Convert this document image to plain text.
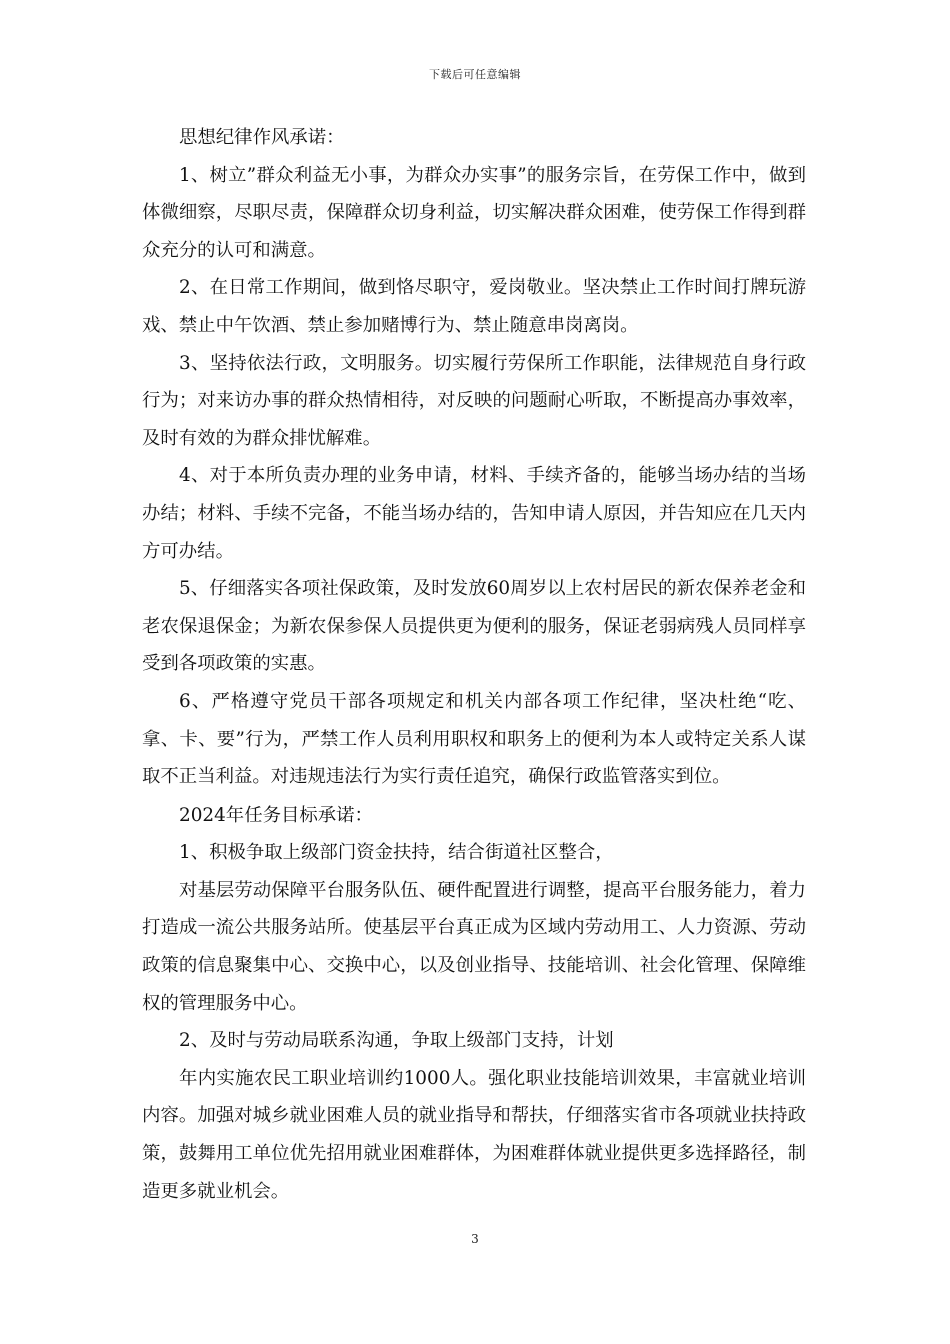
下载后可任意编辑

思想纪律作风承诺：

1、树立”群众利益无小事，为群众办实事”的服务宗旨，在劳保工作中，做到体微细察，尽职尽责，保障群众切身利益，切实解决群众困难，使劳保工作得到群众充分的认可和满意。

2、在日常工作期间，做到恪尽职守，爱岗敬业。坚决禁止工作时间打牌玩游戏、禁止中午饮酒、禁止参加赌博行为、禁止随意串岗离岗。

3、坚持依法行政，文明服务。切实履行劳保所工作职能，法律规范自身行政行为；对来访办事的群众热情相待，对反映的问题耐心听取，不断提高办事效率，及时有效的为群众排忧解难。

4、对于本所负责办理的业务申请，材料、手续齐备的，能够当场办结的当场办结；材料、手续不完备，不能当场办结的，告知申请人原因，并告知应在几天内方可办结。

5、仔细落实各项社保政策，及时发放60周岁以上农村居民的新农保养老金和老农保退保金；为新农保参保人员提供更为便利的服务，保证老弱病残人员同样享受到各项政策的实惠。

6、严格遵守党员干部各项规定和机关内部各项工作纪律，坚决杜绝“吃、拿、卡、要”行为，严禁工作人员利用职权和职务上的便利为本人或特定关系人谋取不正当利益。对违规违法行为实行责任追究，确保行政监管落实到位。

2024年任务目标承诺：

1、积极争取上级部门资金扶持，结合街道社区整合，

对基层劳动保障平台服务队伍、硬件配置进行调整，提高平台服务能力，着力打造成一流公共服务站所。使基层平台真正成为区域内劳动用工、人力资源、劳动政策的信息聚集中心、交换中心，以及创业指导、技能培训、社会化管理、保障维权的管理服务中心。

2、及时与劳动局联系沟通，争取上级部门支持，计划

年内实施农民工职业培训约1000人。强化职业技能培训效果，丰富就业培训内容。加强对城乡就业困难人员的就业指导和帮扶，仔细落实省市各项就业扶持政策，鼓舞用工单位优先招用就业困难群体，为困难群体就业提供更多选择路径，制造更多就业机会。

3
